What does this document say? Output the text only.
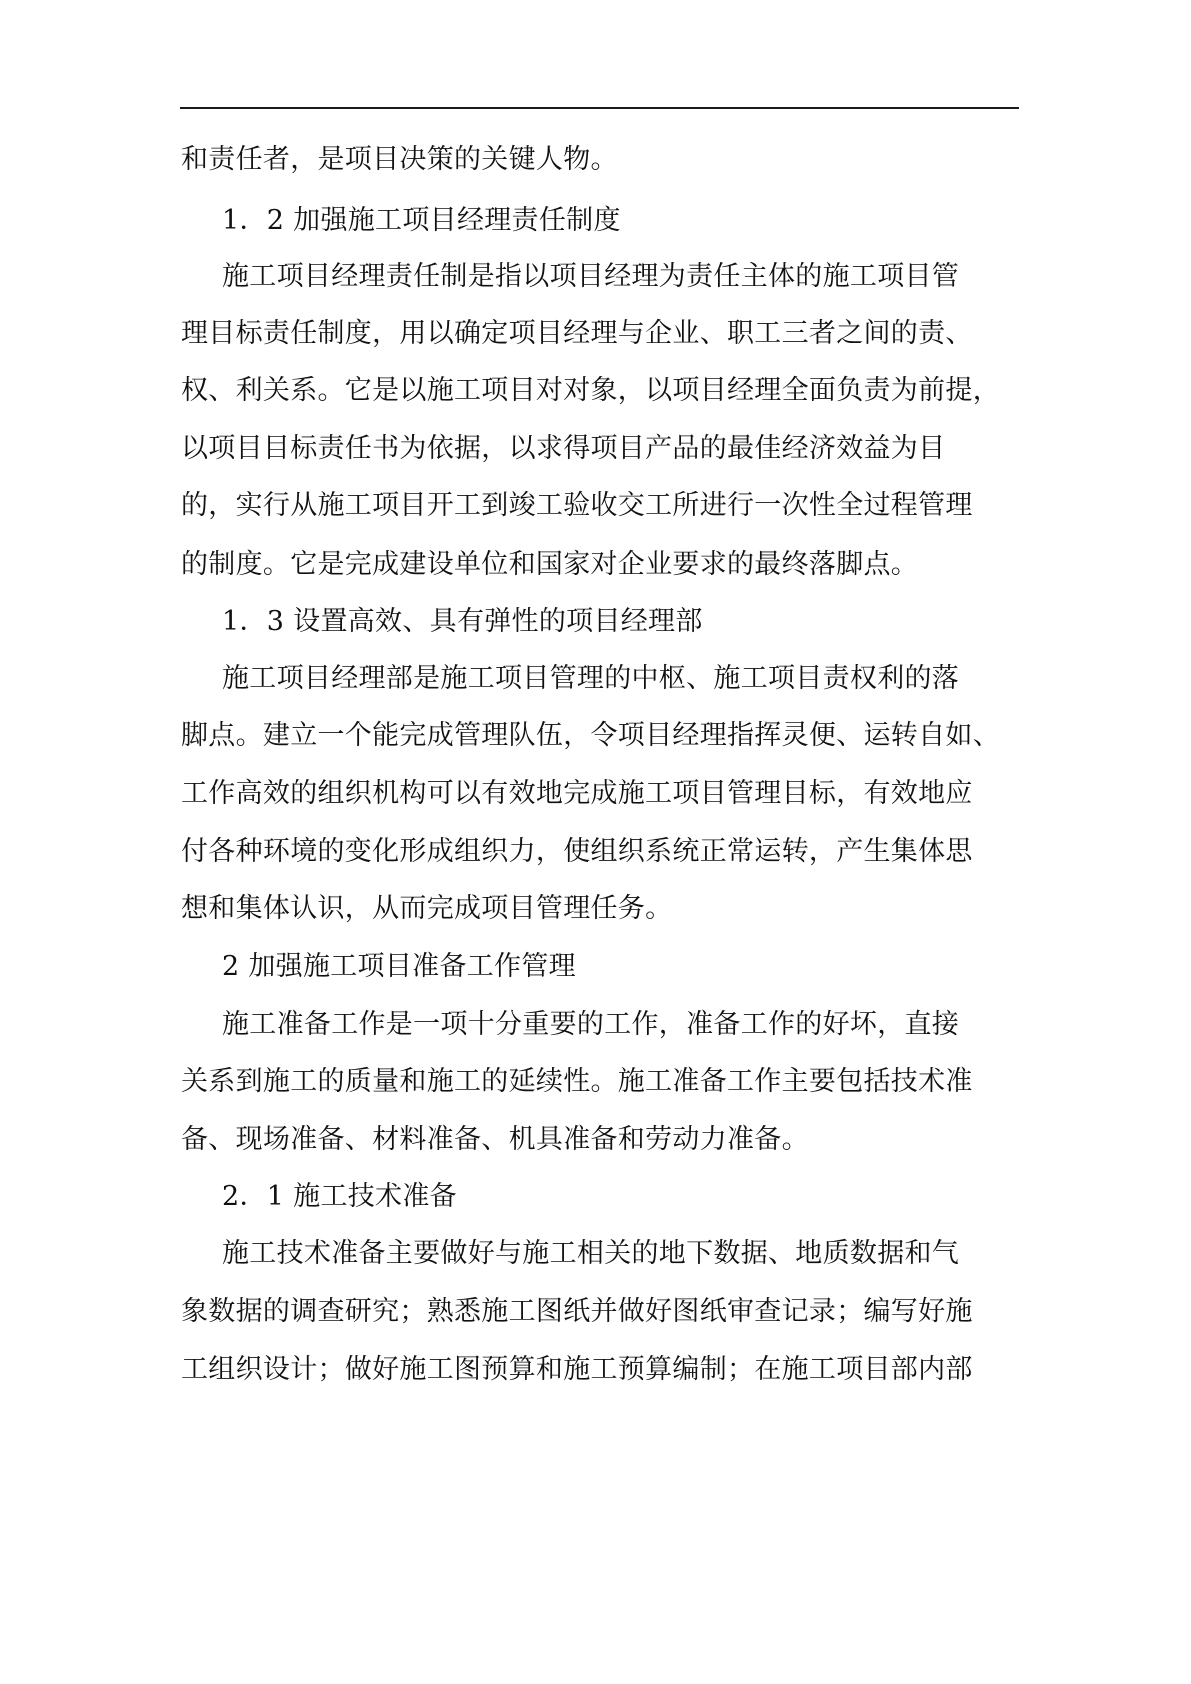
和责任者，是项目决策的关键人物。
1．2 加强施工项目经理责任制度
施工项目经理责任制是指以项目经理为责任主体的施工项目管
理目标责任制度，用以确定项目经理与企业、职工三者之间的责、
权、利关系。它是以施工项目对对象，以项目经理全面负责为前提，
以项目目标责任书为依据，以求得项目产品的最佳经济效益为目
的，实行从施工项目开工到竣工验收交工所进行一次性全过程管理
的制度。它是完成建设单位和国家对企业要求的最终落脚点。
1．3 设置高效、具有弹性的项目经理部
施工项目经理部是施工项目管理的中枢、施工项目责权利的落
脚点。建立一个能完成管理队伍，令项目经理指挥灵便、运转自如、
工作高效的组织机构可以有效地完成施工项目管理目标，有效地应
付各种环境的变化形成组织力，使组织系统正常运转，产生集体思
想和集体认识，从而完成项目管理任务。
2 加强施工项目准备工作管理
施工准备工作是一项十分重要的工作，准备工作的好坏，直接
关系到施工的质量和施工的延续性。施工准备工作主要包括技术准
备、现场准备、材料准备、机具准备和劳动力准备。
2．1 施工技术准备
施工技术准备主要做好与施工相关的地下数据、地质数据和气
象数据的调查研究；熟悉施工图纸并做好图纸审查记录；编写好施
工组织设计；做好施工图预算和施工预算编制；在施工项目部内部
